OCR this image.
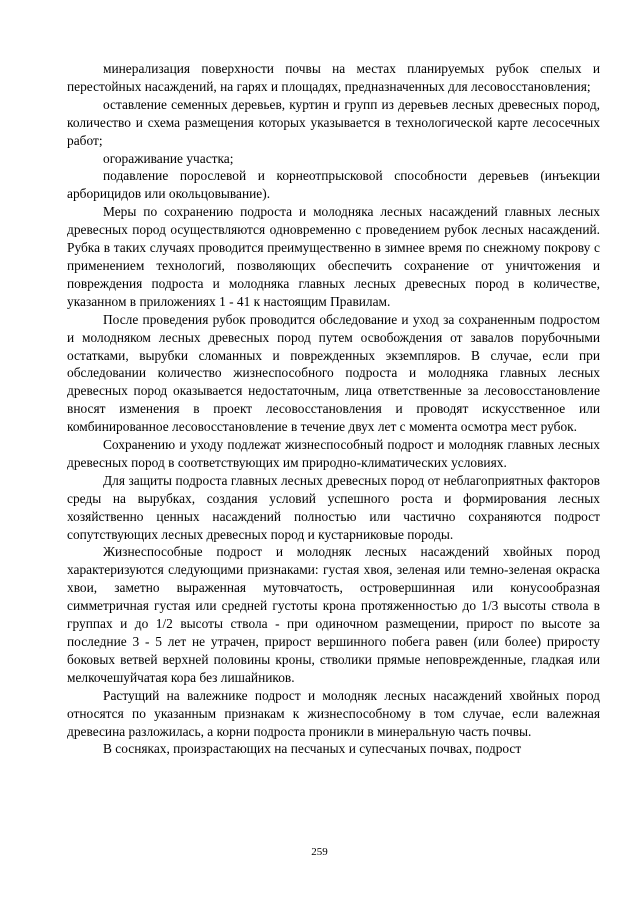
минерализация поверхности почвы на местах планируемых рубок спелых и перестойных насаждений, на гарях и площадях, предназначенных для лесовосстановления;

оставление семенных деревьев, куртин и групп из деревьев лесных древесных пород, количество и схема размещения которых указывается в технологической карте лесосечных работ;

огораживание участка;

подавление порослевой и корнеотпрысковой способности деревьев (инъекции арборицидов или окольцовывание).

Меры по сохранению подроста и молодняка лесных насаждений главных лесных древесных пород осуществляются одновременно с проведением рубок лесных насаждений. Рубка в таких случаях проводится преимущественно в зимнее время по снежному покрову с применением технологий, позволяющих обеспечить сохранение от уничтожения и повреждения подроста и молодняка главных лесных древесных пород в количестве, указанном в приложениях 1 - 41 к настоящим Правилам.

После проведения рубок проводится обследование и уход за сохраненным подростом и молодняком лесных древесных пород путем освобождения от завалов порубочными остатками, вырубки сломанных и поврежденных экземпляров. В случае, если при обследовании количество жизнеспособного подроста и молодняка главных лесных древесных пород оказывается недостаточным, лица ответственные за лесовосстановление вносят изменения в проект лесовосстановления и проводят искусственное или комбинированное лесовосстановление в течение двух лет с момента осмотра мест рубок.

Сохранению и уходу подлежат жизнеспособный подрост и молодняк главных лесных древесных пород в соответствующих им природно-климатических условиях.

Для защиты подроста главных лесных древесных пород от неблагоприятных факторов среды на вырубках, создания условий успешного роста и формирования лесных хозяйственно ценных насаждений полностью или частично сохраняются подрост сопутствующих лесных древесных пород и кустарниковые породы.

Жизнеспособные подрост и молодняк лесных насаждений хвойных пород характеризуются следующими признаками: густая хвоя, зеленая или темно-зеленая окраска хвои, заметно выраженная мутовчатость, островершинная или конусообразная симметричная густая или средней густоты крона протяженностью до 1/3 высоты ствола в группах и до 1/2 высоты ствола - при одиночном размещении, прирост по высоте за последние 3 - 5 лет не утрачен, прирост вершинного побега равен (или более) приросту боковых ветвей верхней половины кроны, стволики прямые неповрежденные, гладкая или мелкочешуйчатая кора без лишайников.

Растущий на валежнике подрост и молодняк лесных насаждений хвойных пород относятся по указанным признакам к жизнеспособному в том случае, если валежная древесина разложилась, а корни подроста проникли в минеральную часть почвы.

В сосняках, произрастающих на песчаных и супесчаных почвах, подрост

259
